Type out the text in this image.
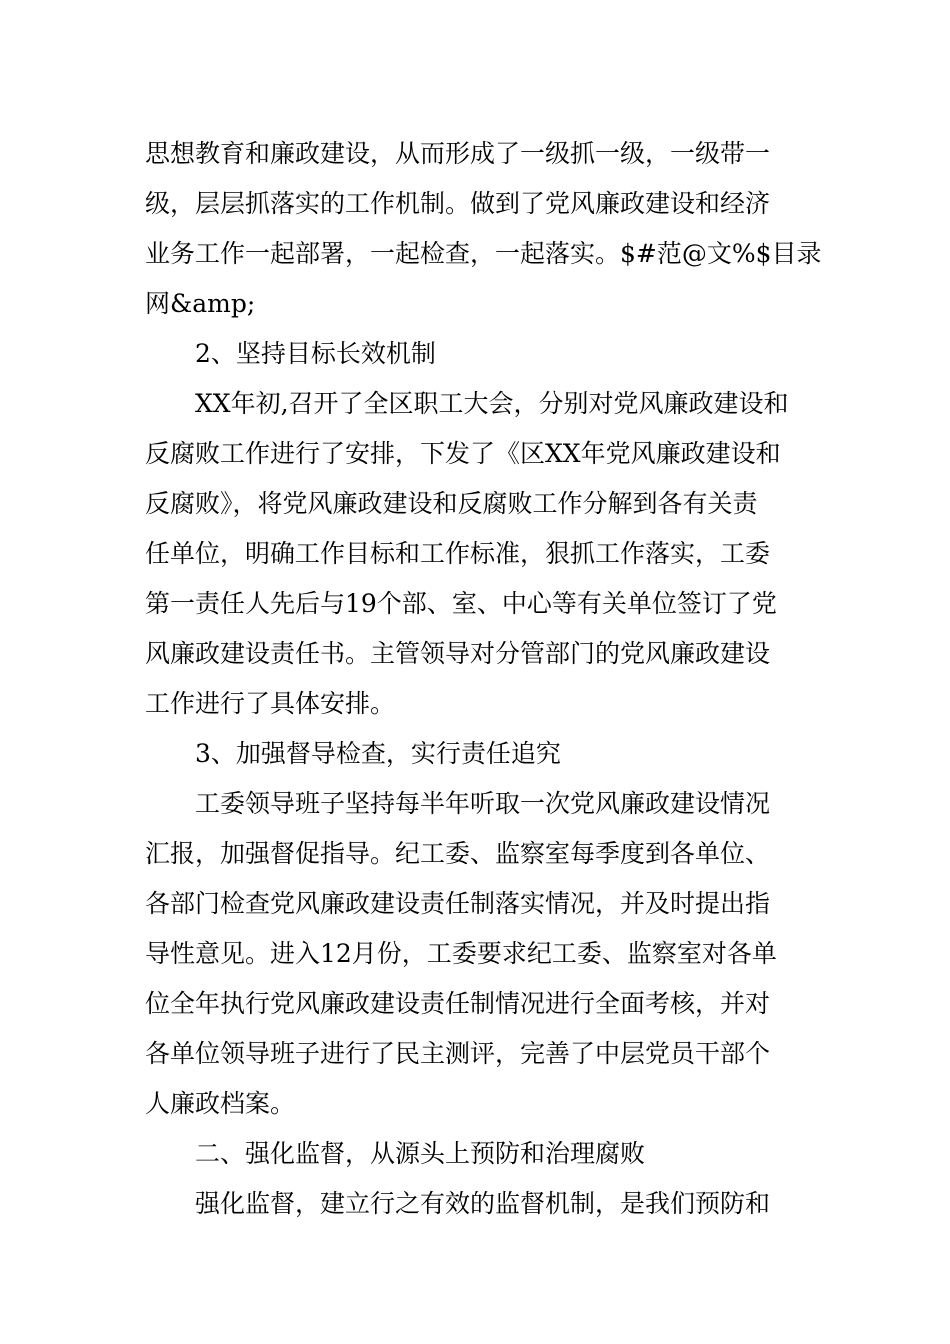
思想教育和廉政建设，从而形成了一级抓一级，一级带一
级，层层抓落实的工作机制。做到了党风廉政建设和经济
业务工作一起部署，一起检查，一起落实。$#范@文%$目录
网&amp;
2、坚持目标长效机制
XX年初,召开了全区职工大会，分别对党风廉政建设和
反腐败工作进行了安排，下发了《区XX年党风廉政建设和
反腐败》，将党风廉政建设和反腐败工作分解到各有关责
任单位，明确工作目标和工作标准，狠抓工作落实，工委
第一责任人先后与19个部、室、中心等有关单位签订了党
风廉政建设责任书。主管领导对分管部门的党风廉政建设
工作进行了具体安排。
3、加强督导检查，实行责任追究
工委领导班子坚持每半年听取一次党风廉政建设情况
汇报，加强督促指导。纪工委、监察室每季度到各单位、
各部门检查党风廉政建设责任制落实情况，并及时提出指
导性意见。进入12月份，工委要求纪工委、监察室对各单
位全年执行党风廉政建设责任制情况进行全面考核，并对
各单位领导班子进行了民主测评，完善了中层党员干部个
人廉政档案。
二、强化监督，从源头上预防和治理腐败
强化监督，建立行之有效的监督机制，是我们预防和
